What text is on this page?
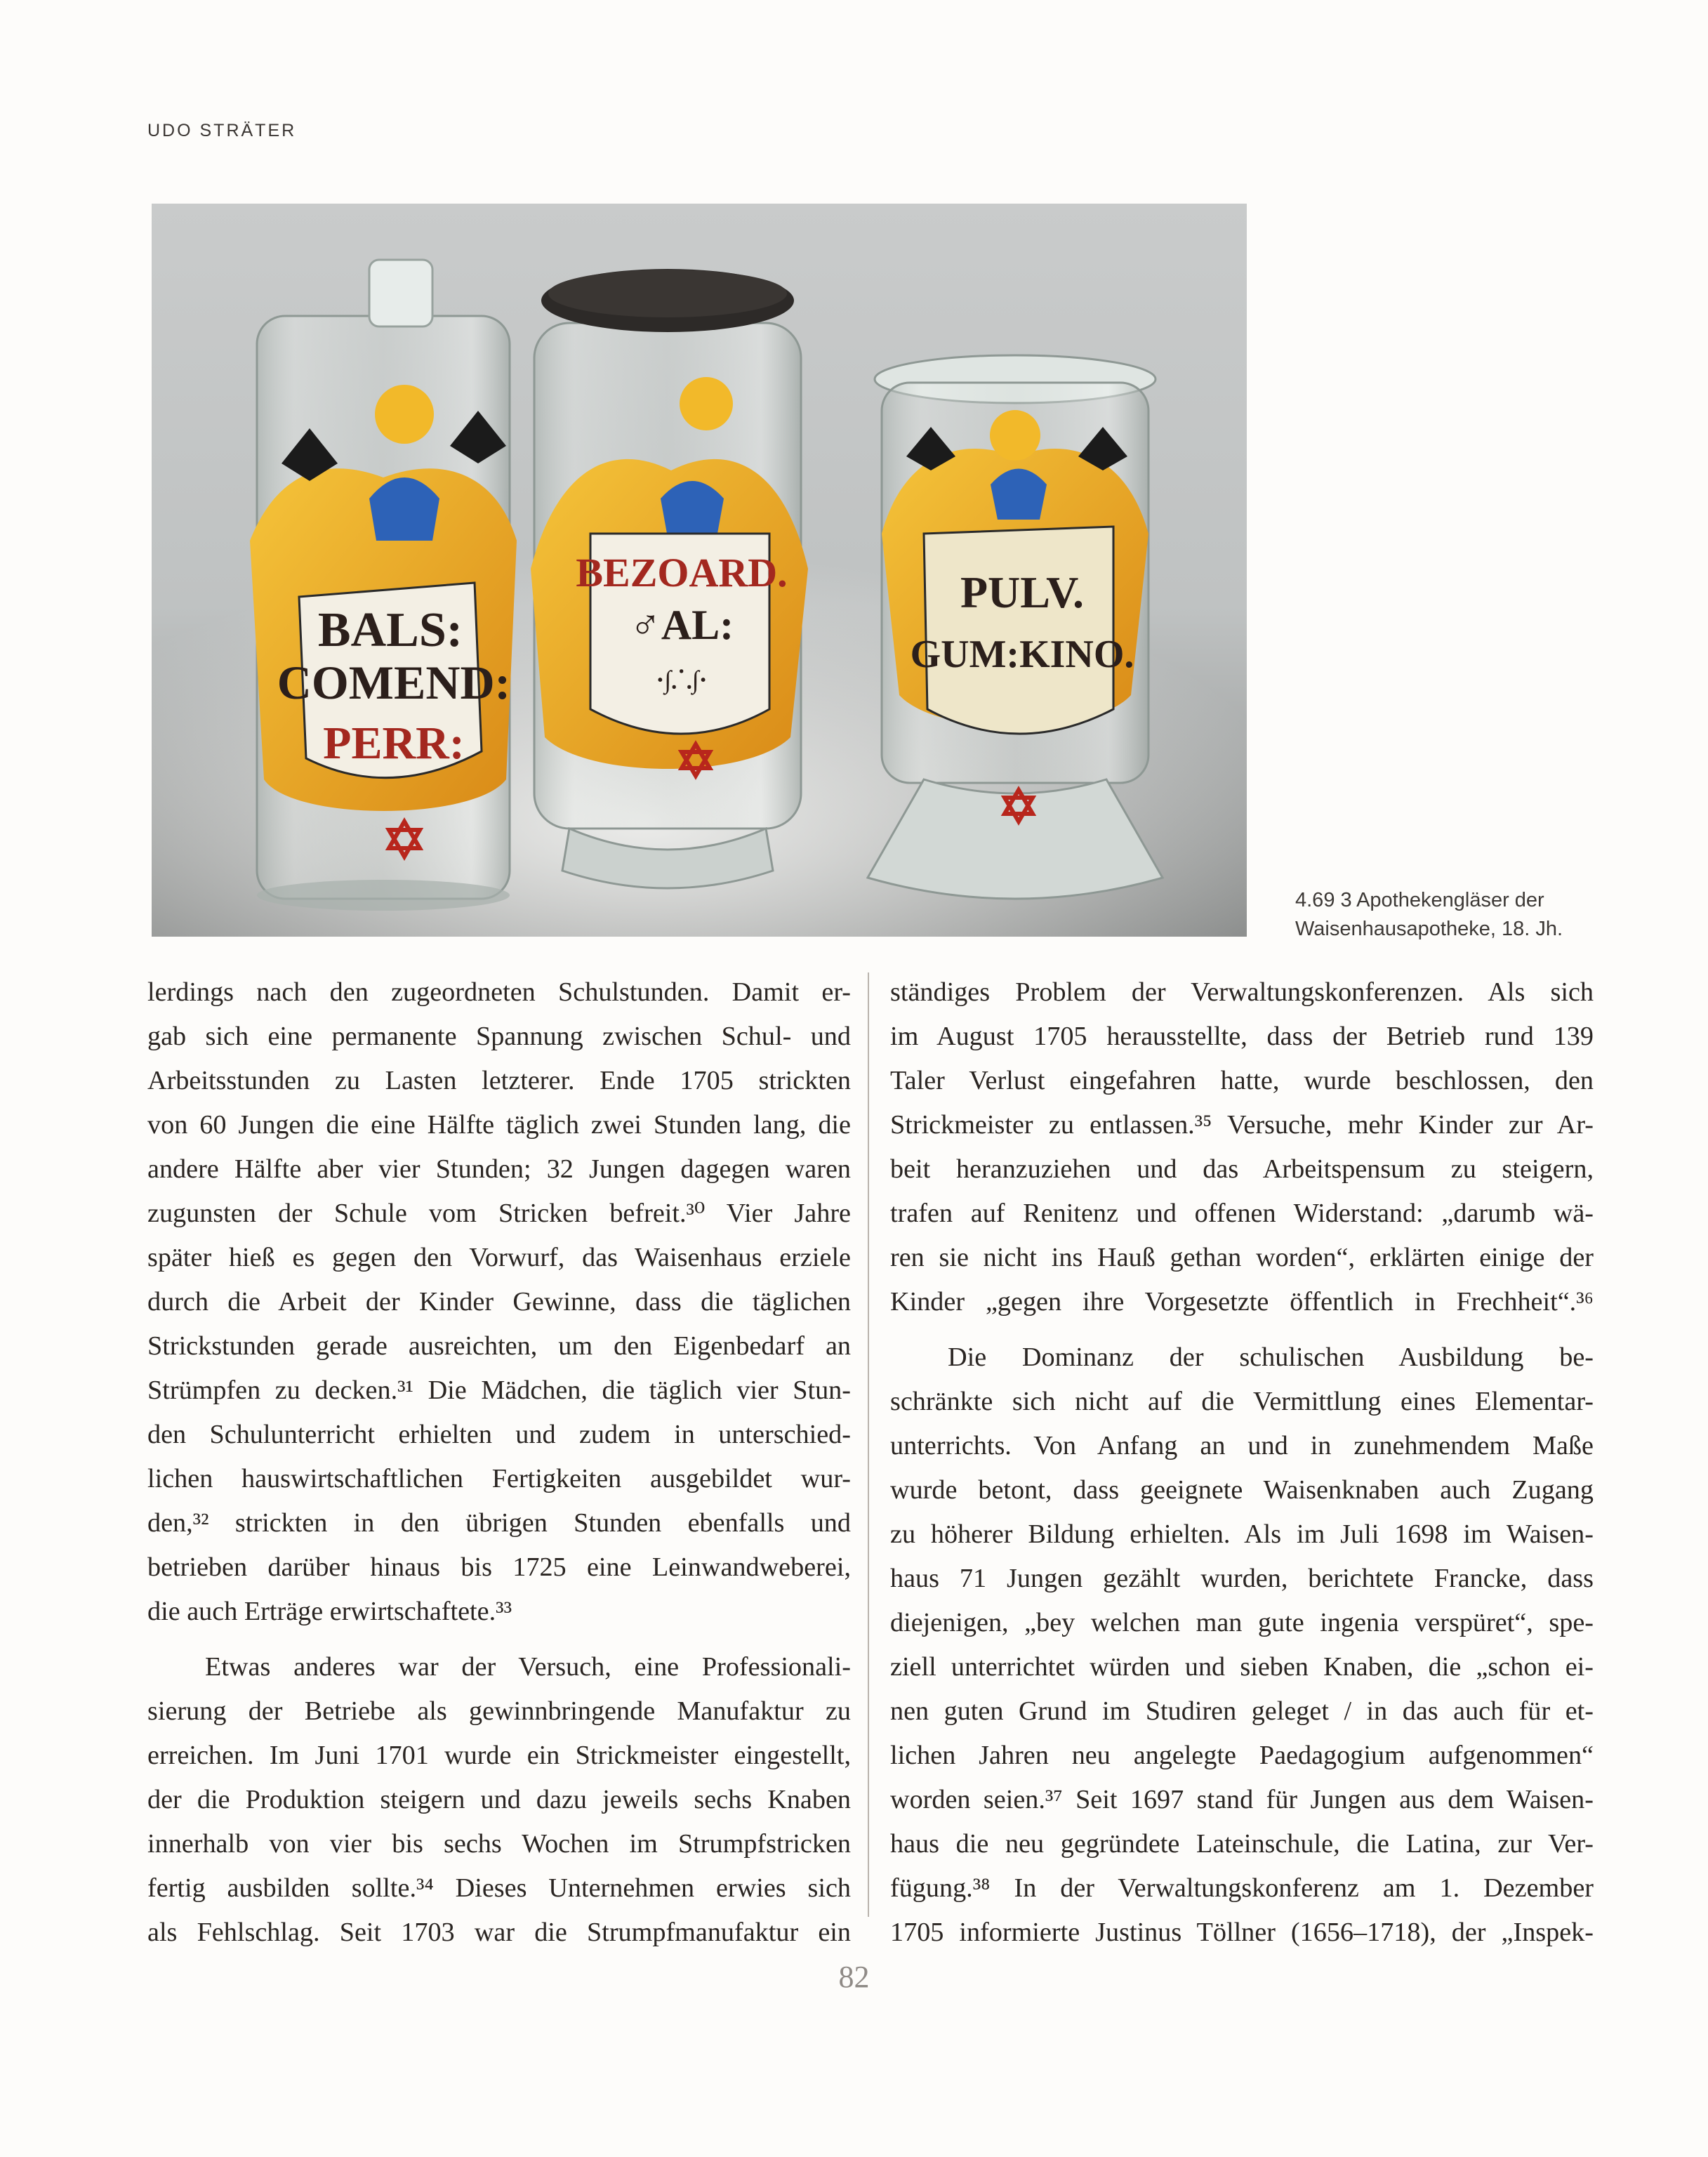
UDO STRÄTER
BALS:
COMEND:
PERR:
BEZOARD.
♂AL:
·∫⸫∫·
PULV.
GUM:KINO.
4.69 3 Apothekengläser der
Waisenhausapotheke, 18. Jh.
lerdings nach den zugeordneten Schulstunden. Damit er-
gab sich eine permanente Spannung zwischen Schul- und
Arbeitsstunden zu Lasten letzterer. Ende 1705 strickten
von 60 Jungen die eine Hälfte täglich zwei Stunden lang, die
andere Hälfte aber vier Stunden; 32 Jungen dagegen waren
zugunsten der Schule vom Stricken befreit.³⁰ Vier Jahre
später hieß es gegen den Vorwurf, das Waisenhaus erziele
durch die Arbeit der Kinder Gewinne, dass die täglichen
Strickstunden gerade ausreichten, um den Eigenbedarf an
Strümpfen zu decken.³¹ Die Mädchen, die täglich vier Stun-
den Schulunterricht erhielten und zudem in unterschied-
lichen hauswirtschaftlichen Fertigkeiten ausgebildet wur-
den,³² strickten in den übrigen Stunden ebenfalls und
betrieben darüber hinaus bis 1725 eine Leinwandweberei,
die auch Erträge erwirtschaftete.³³
Etwas anderes war der Versuch, eine Professionali-
sierung der Betriebe als gewinnbringende Manufaktur zu
erreichen. Im Juni 1701 wurde ein Strickmeister eingestellt,
der die Produktion steigern und dazu jeweils sechs Knaben
innerhalb von vier bis sechs Wochen im Strumpfstricken
fertig ausbilden sollte.³⁴ Dieses Unternehmen erwies sich
als Fehlschlag. Seit 1703 war die Strumpfmanufaktur ein
ständiges Problem der Verwaltungskonferenzen. Als sich
im August 1705 herausstellte, dass der Betrieb rund 139
Taler Verlust eingefahren hatte, wurde beschlossen, den
Strickmeister zu entlassen.³⁵ Versuche, mehr Kinder zur Ar-
beit heranzuziehen und das Arbeitspensum zu steigern,
trafen auf Renitenz und offenen Widerstand: „darumb wä-
ren sie nicht ins Hauß gethan worden“, erklärten einige der
Kinder „gegen ihre Vorgesetzte öffentlich in Frechheit“.³⁶
Die Dominanz der schulischen Ausbildung be-
schränkte sich nicht auf die Vermittlung eines Elementar-
unterrichts. Von Anfang an und in zunehmendem Maße
wurde betont, dass geeignete Waisenknaben auch Zugang
zu höherer Bildung erhielten. Als im Juli 1698 im Waisen-
haus 71 Jungen gezählt wurden, berichtete Francke, dass
diejenigen, „bey welchen man gute ingenia verspüret“, spe-
ziell unterrichtet würden und sieben Knaben, die „schon ei-
nen guten Grund im Studiren geleget / in das auch für et-
lichen Jahren neu angelegte Paedagogium aufgenommen“
worden seien.³⁷ Seit 1697 stand für Jungen aus dem Waisen-
haus die neu gegründete Lateinschule, die Latina, zur Ver-
fügung.³⁸ In der Verwaltungskonferenz am 1. Dezember
1705 informierte Justinus Töllner (1656–1718), der „Inspek-
82
